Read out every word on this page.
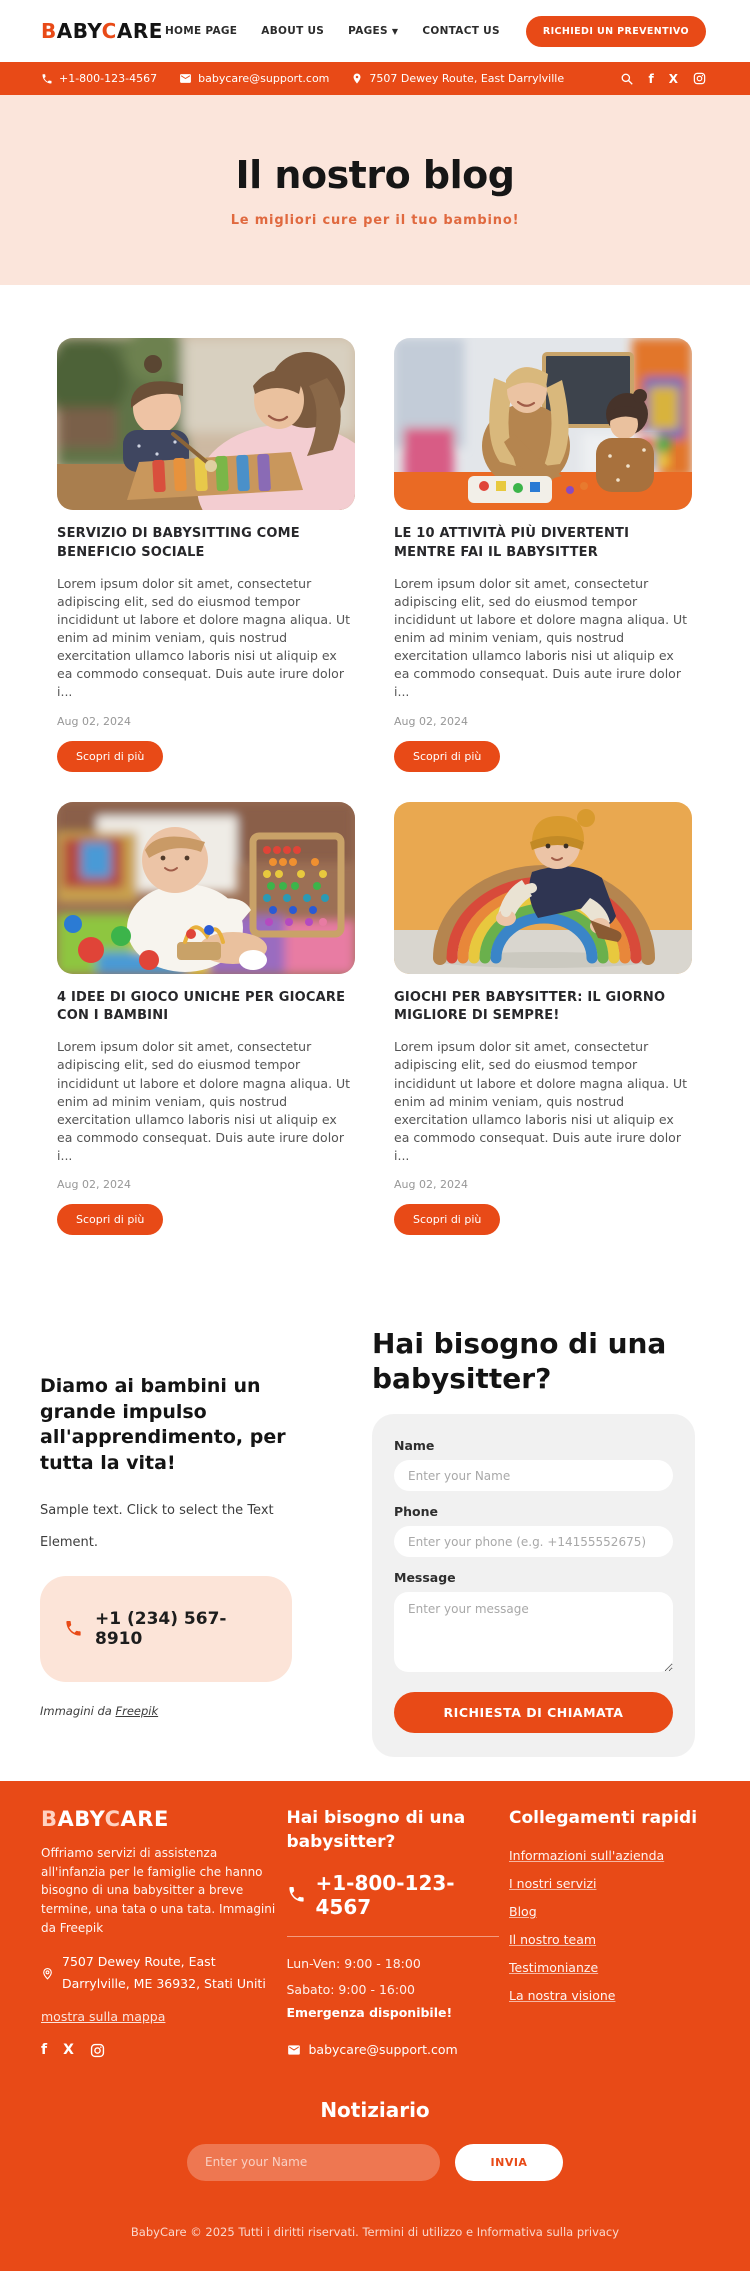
BABYCARE HOME PAGE ABOUT US PAGES ▼ CONTACT US	RICHIEDI UN PREVENTIVO
+1-800-123-4567	babycare@support.com	7507 Dewey Route, East Darrylville	f X
Il nostro blog
Le migliori cure per il tuo bambino!
SERVIZIO DI BABYSITTING COME BENEFICIO SOCIALE

Lorem ipsum dolor sit amet, consectetur adipiscing elit, sed do eiusmod tempor incididunt ut labore et dolore magna aliqua. Ut enim ad minim veniam, quis nostrud exercitation ullamco laboris nisi ut aliquip ex ea commodo consequat. Duis aute irure dolor i...

Aug 02, 2024
Scopri di più
LE 10 ATTIVITÀ PIÙ DIVERTENTI MENTRE FAI IL BABYSITTER

Lorem ipsum dolor sit amet, consectetur adipiscing elit, sed do eiusmod tempor incididunt ut labore et dolore magna aliqua. Ut enim ad minim veniam, quis nostrud exercitation ullamco laboris nisi ut aliquip ex ea commodo consequat. Duis aute irure dolor i...

Aug 02, 2024
Scopri di più
4 IDEE DI GIOCO UNICHE PER GIOCARE CON I BAMBINI

Lorem ipsum dolor sit amet, consectetur adipiscing elit, sed do eiusmod tempor incididunt ut labore et dolore magna aliqua. Ut enim ad minim veniam, quis nostrud exercitation ullamco laboris nisi ut aliquip ex ea commodo consequat. Duis aute irure dolor i...

Aug 02, 2024
Scopri di più
GIOCHI PER BABYSITTER: IL GIORNO MIGLIORE DI SEMPRE!

Lorem ipsum dolor sit amet, consectetur adipiscing elit, sed do eiusmod tempor incididunt ut labore et dolore magna aliqua. Ut enim ad minim veniam, quis nostrud exercitation ullamco laboris nisi ut aliquip ex ea commodo consequat. Duis aute irure dolor i...

Aug 02, 2024
Scopri di più
Diamo ai bambini un grande impulso all'apprendimento, per tutta la vita!

Sample text. Click to select the Text Element.

+1 (234) 567-8910
Immagini da Freepik
Hai bisogno di una babysitter?
Name
Enter your Name
Phone
Enter your phone (e.g. +14155552675)
Message
Enter your message RICHIESTA DI CHIAMATA
BABYCARE

Offriamo servizi di assistenza all'infanzia per le famiglie che hanno bisogno di una babysitter a breve termine, una tata o una tata. Immagini da Freepik

7507 Dewey Route, East Darrylville, ME 36932, Stati Uniti
mostra sulla mappa
f X
Hai bisogno di una babysitter?
+1-800-123-4567
Lun-Ven: 9:00 - 18:00
Sabato: 9:00 - 16:00
Emergenza disponibile!
babycare@support.com
Collegamenti rapidi
Informazioni sull'azienda
I nostri servizi
Blog
Il nostro team
Testimonianze
La nostra visione
Notiziario
Enter your Name
INVIA
BabyCare © 2025 Tutti i diritti riservati. Termini di utilizzo e Informativa sulla privacy
